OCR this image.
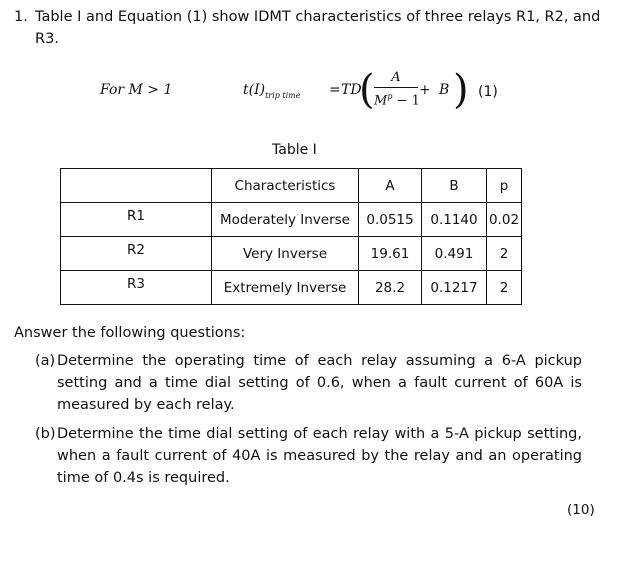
1. Table I and Equation (1) show IDMT characteristics of three relays R1, R2, and R3.
For M > 1	$t(I)_{trip time}$ = TD
(	A
$M^p - 1$
+ B ) (1)
Table I
	Characteristics	A	B	p
R1	Moderately Inverse	0.0515	0.1140	0.02
R2	Very Inverse	19.61	0.491	2
R3	Extremely Inverse	28.2	0.1217	2
Answer the following questions:
(a) Determine the operating time of each relay assuming a 6-A pickup setting and a time dial setting of 0.6, when a fault current of 60A is measured by each relay.
(b) Determine the time dial setting of each relay with a 5-A pickup setting, when a fault current of 40A is measured by the relay and an operating time of 0.4s is required.
(10)
